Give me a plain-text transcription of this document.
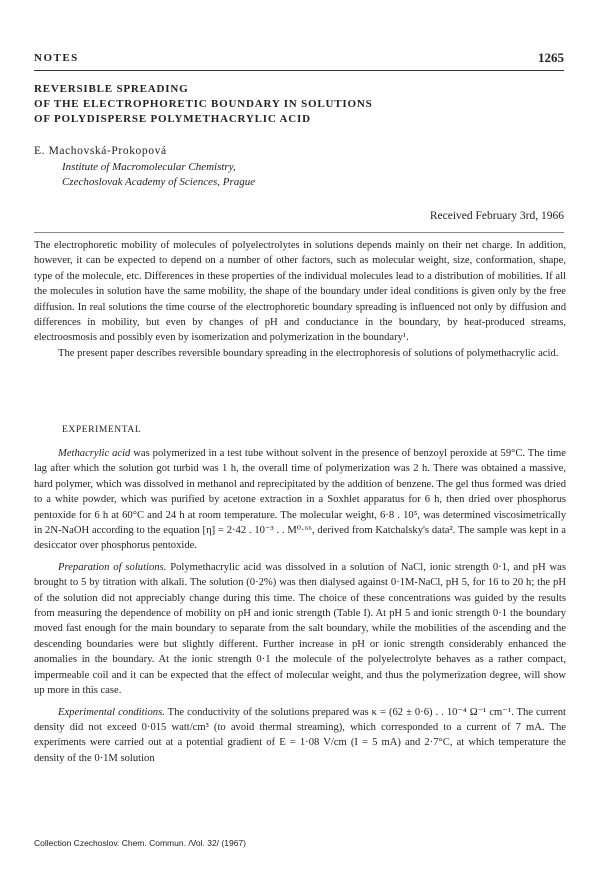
NOTES	1265
REVERSIBLE SPREADING
OF THE ELECTROPHORETIC BOUNDARY IN SOLUTIONS
OF POLYDISPERSE POLYMETHACRYLIC ACID
E. Machovská-Prokopová
Institute of Macromolecular Chemistry,
Czechoslovak Academy of Sciences, Prague
Received February 3rd, 1966

The electrophoretic mobility of molecules of polyelectrolytes in solutions depends mainly on their net charge. In addition, however, it can be expected to depend on a number of other factors, such as molecular weight, size, conformation, shape, type of the molecule, etc. Differences in these properties of the individual molecules lead to a distribution of mobilities. If all the molecules in solution have the same mobility, the shape of the boundary under ideal conditions is given only by the free diffusion. In real solutions the time course of the electrophoretic boundary spreading is influenced not only by diffusion and differences in mobility, but even by changes of pH and conductance in the boundary, by heat-produced streams, electroosmosis and possibly even by isomerization and polymerization in the boundary¹.

The present paper describes reversible boundary spreading in the electrophoresis of solutions of polymethacrylic acid.

EXPERIMENTAL

Methacrylic acid was polymerized in a test tube without solvent in the presence of benzoyl peroxide at 59°C. The time lag after which the solution got turbid was 1 h, the overall time of polymerization was 2 h. There was obtained a massive, hard polymer, which was dissolved in methanol and reprecipitated by the addition of benzene. The gel thus formed was dried to a white powder, which was purified by acetone extraction in a Soxhlet apparatus for 6 h, then dried over phosphorus pentoxide for 6 h at 60°C and 24 h at room temperature. The molecular weight, 6·8 . 10⁵, was determined viscosimetrically in 2N-NaOH according to the equation [η] = 2·42 . 10⁻³ . . M⁰·⁶⁶, derived from Katchalsky's data². The sample was kept in a desiccator over phosphorus pentoxide.

Preparation of solutions. Polymethacrylic acid was dissolved in a solution of NaCl, ionic strength 0·1, and pH was brought to 5 by titration with alkali. The solution (0·2%) was then dialysed against 0·1M-NaCl, pH 5, for 16 to 20 h; the pH of the solution did not appreciably change during this time. The choice of these concentrations was guided by the results from measuring the dependence of mobility on pH and ionic strength (Table I). At pH 5 and ionic strength 0·1 the boundary moved fast enough for the main boundary to separate from the salt boundary, while the mobilities of the ascending and the descending boundaries were but slightly different. Further increase in pH or ionic strength considerably enhanced the anomalies in the boundary. At the ionic strength 0·1 the molecule of the polyelectrolyte behaves as a rather compact, impermeable coil and it can be expected that the effect of molecular weight, and thus the polymerization degree, will show up more in this case.

Experimental conditions. The conductivity of the solutions prepared was κ = (62 ± 0·6) . . 10⁻⁴ Ω⁻¹ cm⁻¹. The current density did not exceed 0·015 watt/cm³ (to avoid thermal streaming), which corresponded to a current of 7 mA. The experiments were carried out at a potential gradient of E = 1·08 V/cm (I = 5 mA) and 2·7°C, at which temperature the density of the 0·1M solution

Collection Czechoslov. Chem. Commun. /Vol. 32/ (1967)
